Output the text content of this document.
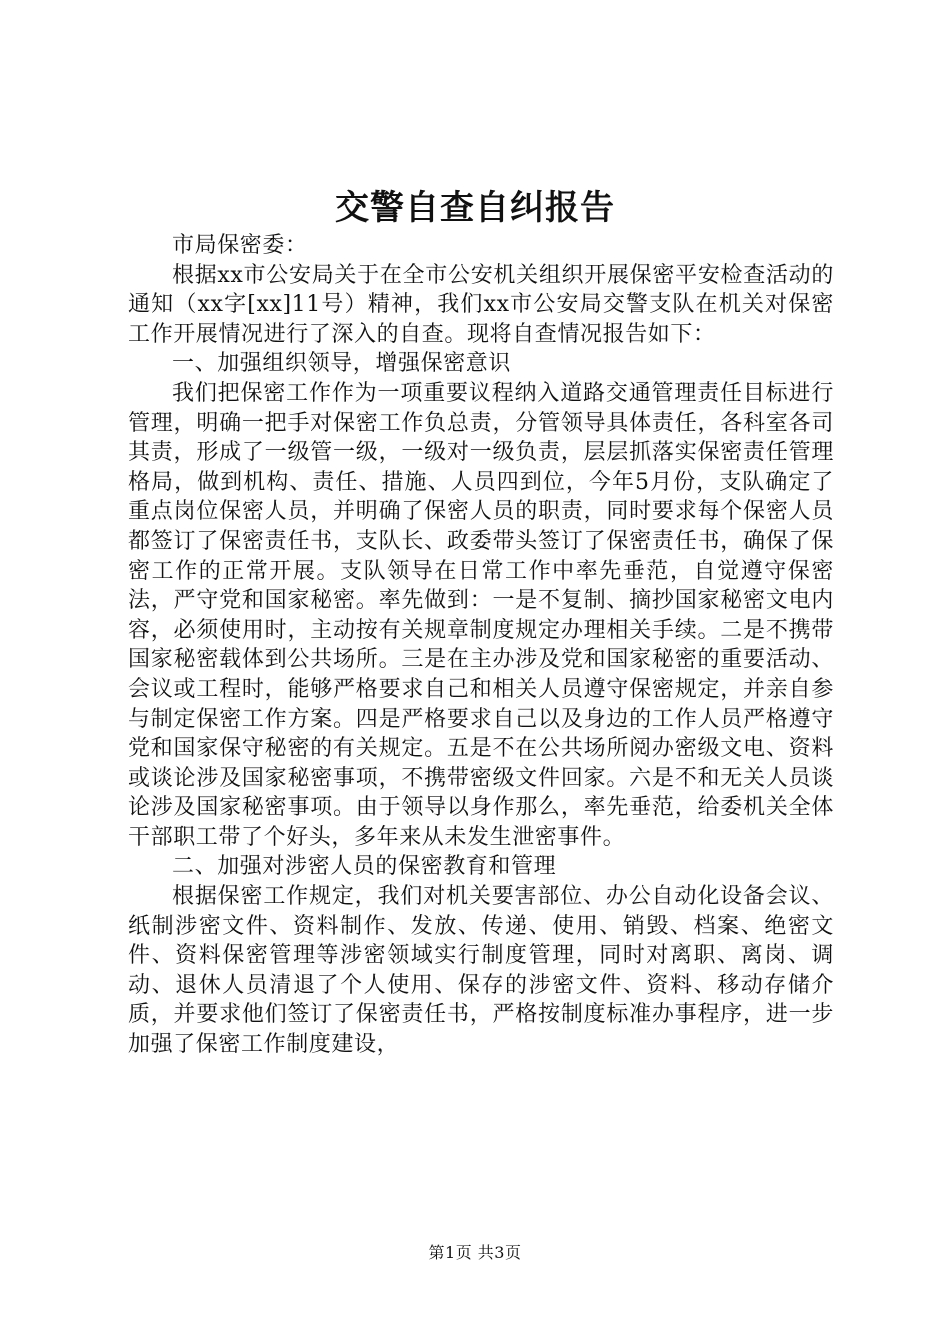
交警自查自纠报告

市局保密委：

根据xx市公安局关于在全市公安机关组织开展保密平安检查活动的通知（xx字[xx]11号）精神，我们xx市公安局交警支队在机关对保密工作开展情况进行了深入的自查。现将自查情况报告如下：

一、加强组织领导，增强保密意识

我们把保密工作作为一项重要议程纳入道路交通管理责任目标进行管理，明确一把手对保密工作负总责，分管领导具体责任，各科室各司其责，形成了一级管一级，一级对一级负责，层层抓落实保密责任管理格局，做到机构、责任、措施、人员四到位，今年5月份，支队确定了重点岗位保密人员，并明确了保密人员的职责，同时要求每个保密人员都签订了保密责任书，支队长、政委带头签订了保密责任书，确保了保密工作的正常开展。支队领导在日常工作中率先垂范，自觉遵守保密法，严守党和国家秘密。率先做到：一是不复制、摘抄国家秘密文电内容，必须使用时，主动按有关规章制度规定办理相关手续。二是不携带国家秘密载体到公共场所。三是在主办涉及党和国家秘密的重要活动、会议或工程时，能够严格要求自己和相关人员遵守保密规定，并亲自参与制定保密工作方案。四是严格要求自己以及身边的工作人员严格遵守党和国家保守秘密的有关规定。五是不在公共场所阅办密级文电、资料或谈论涉及国家秘密事项，不携带密级文件回家。六是不和无关人员谈论涉及国家秘密事项。由于领导以身作那么，率先垂范，给委机关全体干部职工带了个好头，多年来从未发生泄密事件。

二、加强对涉密人员的保密教育和管理

根据保密工作规定，我们对机关要害部位、办公自动化设备会议、纸制涉密文件、资料制作、发放、传递、使用、销毁、档案、绝密文件、资料保密管理等涉密领域实行制度管理，同时对离职、离岗、调动、退休人员清退了个人使用、保存的涉密文件、资料、移动存储介质，并要求他们签订了保密责任书，严格按制度标准办事程序，进一步加强了保密工作制度建设，

第1页 共3页
